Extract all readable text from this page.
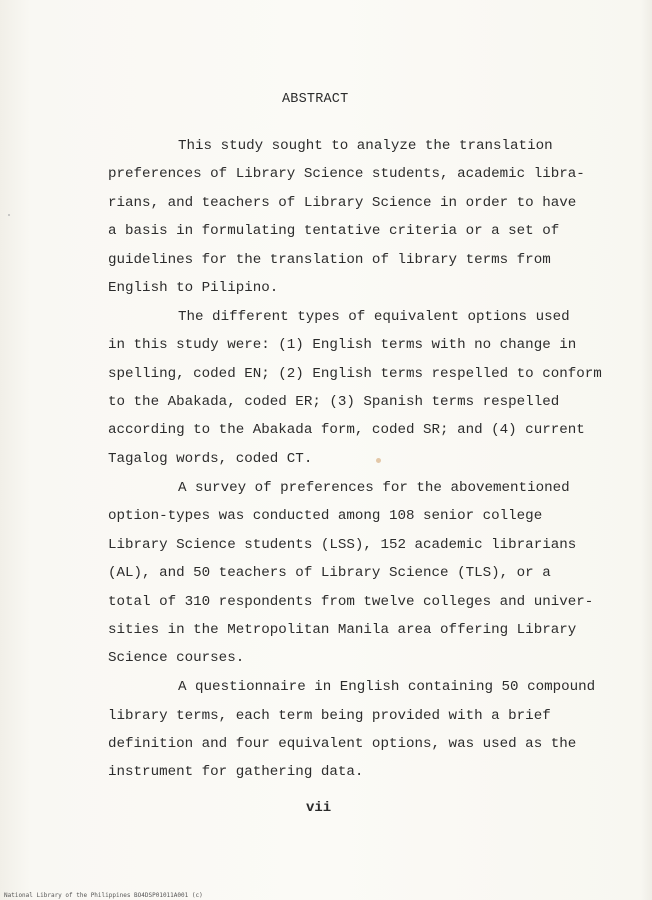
ABSTRACT
This study sought to analyze the translation
preferences of Library Science students, academic libra-
rians, and teachers of Library Science in order to have
a basis in formulating tentative criteria or a set of
guidelines for the translation of library terms from
English to Pilipino.
The different types of equivalent options used
in this study were: (1) English terms with no change in
spelling, coded EN; (2) English terms respelled to conform
to the Abakada, coded ER; (3) Spanish terms respelled
according to the Abakada form, coded SR; and (4) current
Tagalog words, coded CT.
A survey of preferences for the abovementioned
option-types was conducted among 108 senior college
Library Science students (LSS), 152 academic librarians
(AL), and 50 teachers of Library Science (TLS), or a
total of 310 respondents from twelve colleges and univer-
sities in the Metropolitan Manila area offering Library
Science courses.
A questionnaire in English containing 50 compound
library terms, each term being provided with a brief
definition and four equivalent options, was used as the
instrument for gathering data.
vii
National Library of the Philippines BO4DSP01011A001 (c)
